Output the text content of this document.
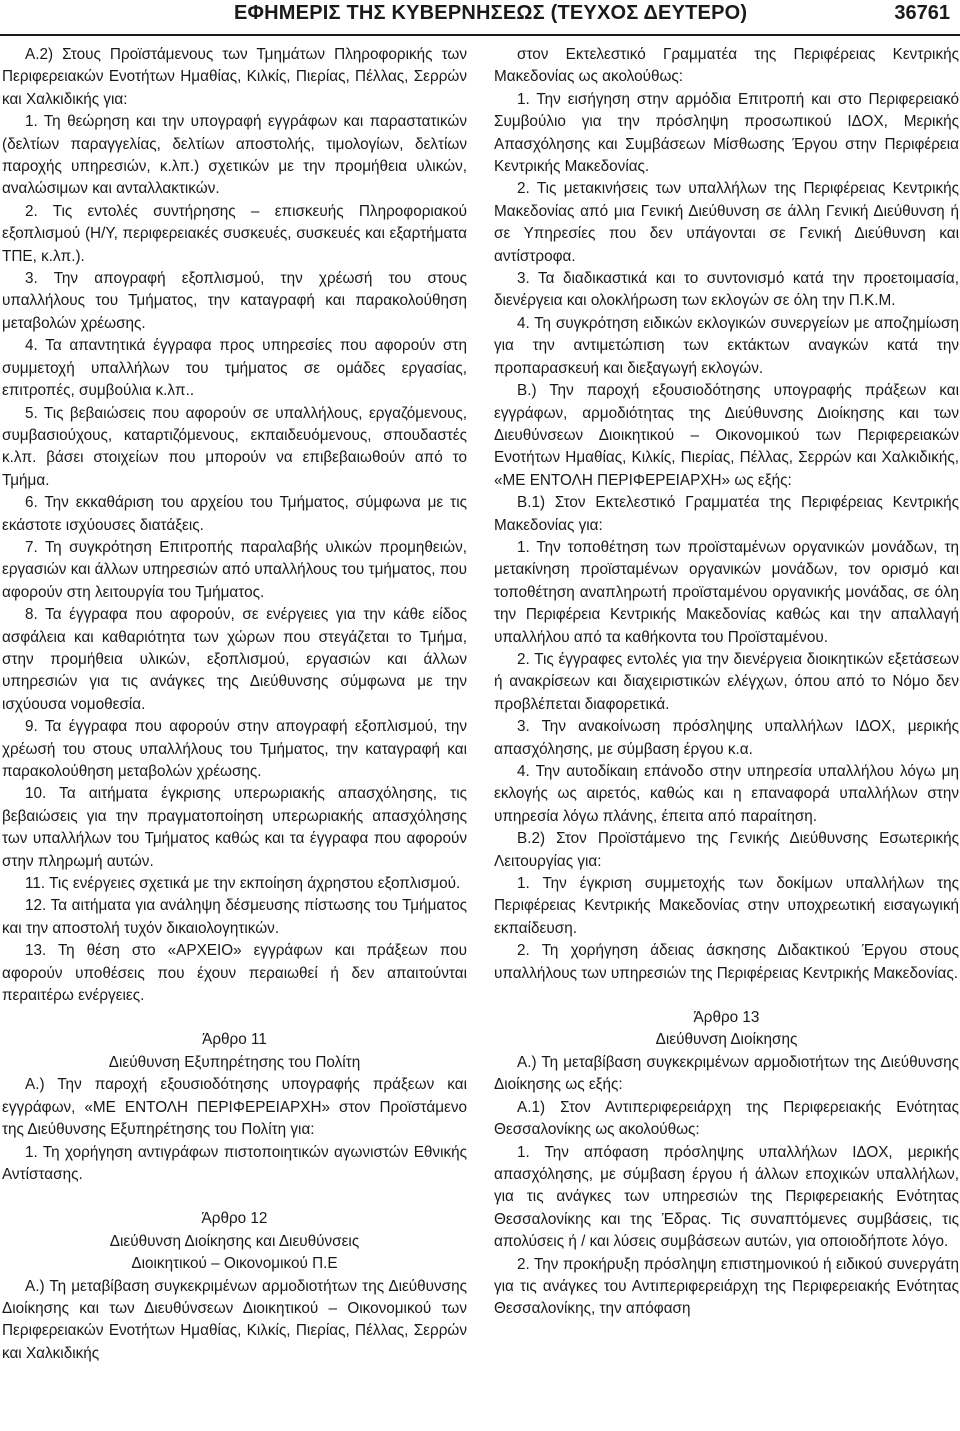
ΕΦΗΜΕΡΙΣ ΤΗΣ ΚΥΒΕΡΝΗΣΕΩΣ (ΤΕΥΧΟΣ ΔΕΥΤΕΡΟ)	36761

Α.2) Στους Προϊστάμενους των Τμημάτων Πληροφορικής των Περιφερειακών Ενοτήτων Ημαθίας, Κιλκίς, Πιερίας, Πέλλας, Σερρών και Χαλκιδικής για:

1. Τη θεώρηση και την υπογραφή εγγράφων και παραστατικών (δελτίων παραγγελίας, δελτίων αποστολής, τιμολογίων, δελτίων παροχής υπηρεσιών, κ.λπ.) σχετικών με την προμήθεια υλικών, αναλώσιμων και ανταλλακτικών.

2. Τις εντολές συντήρησης – επισκευής Πληροφοριακού εξοπλισμού (Η/Υ, περιφερειακές συσκευές, συσκευές και εξαρτήματα ΤΠΕ, κ.λπ.).

3. Την απογραφή εξοπλισμού, την χρέωσή του στους υπαλλήλους του Τμήματος, την καταγραφή και παρακολούθηση μεταβολών χρέωσης.

4. Τα απαντητικά έγγραφα προς υπηρεσίες που αφορούν στη συμμετοχή υπαλλήλων του τμήματος σε ομάδες εργασίας, επιτροπές, συμβούλια κ.λπ..

5. Τις βεβαιώσεις που αφορούν σε υπαλλήλους, εργαζόμενους, συμβασιούχους, καταρτιζόμενους, εκπαιδευόμενους, σπουδαστές κ.λπ. βάσει στοιχείων που μπορούν να επιβεβαιωθούν από το Τμήμα.

6. Την εκκαθάριση του αρχείου του Τμήματος, σύμφωνα με τις εκάστοτε ισχύουσες διατάξεις.

7. Τη συγκρότηση Επιτροπής παραλαβής υλικών προμηθειών, εργασιών και άλλων υπηρεσιών από υπαλλήλους του τμήματος, που αφορούν στη λειτουργία του Τμήματος.

8. Τα έγγραφα που αφορούν, σε ενέργειες για την κάθε είδος ασφάλεια και καθαριότητα των χώρων που στεγάζεται το Τμήμα, στην προμήθεια υλικών, εξοπλισμού, εργασιών και άλλων υπηρεσιών για τις ανάγκες της Διεύθυνσης σύμφωνα με την ισχύουσα νομοθεσία.

9. Τα έγγραφα που αφορούν στην απογραφή εξοπλισμού, την χρέωσή του στους υπαλλήλους του Τμήματος, την καταγραφή και παρακολούθηση μεταβολών χρέωσης.

10. Τα αιτήματα έγκρισης υπερωριακής απασχόλησης, τις βεβαιώσεις για την πραγματοποίηση υπερωριακής απασχόλησης των υπαλλήλων του Τμήματος καθώς και τα έγγραφα που αφορούν στην πληρωμή αυτών.

11. Τις ενέργειες σχετικά με την εκποίηση άχρηστου εξοπλισμού.

12. Τα αιτήματα για ανάληψη δέσμευσης πίστωσης του Τμήματος και την αποστολή τυχόν δικαιολογητικών.

13. Τη θέση στο «ΑΡΧΕΙΟ» εγγράφων και πράξεων που αφορούν υποθέσεις που έχουν περαιωθεί ή δεν απαιτούνται περαιτέρω ενέργειες.

Άρθρο 11

Διεύθυνση Εξυπηρέτησης του Πολίτη

Α.) Την παροχή εξουσιοδότησης υπογραφής πράξεων και εγγράφων, «ΜΕ ΕΝΤΟΛΗ ΠΕΡΙΦΕΡΕΙΑΡΧΗ» στον Προϊστάμενο της Διεύθυνσης Εξυπηρέτησης του Πολίτη για:

1. Τη χορήγηση αντιγράφων πιστοποιητικών αγωνιστών Εθνικής Αντίστασης.

Άρθρο 12

Διεύθυνση Διοίκησης και Διευθύνσεις

Διοικητικού – Οικονομικού Π.Ε

Α.) Τη μεταβίβαση συγκεκριμένων αρμοδιοτήτων της Διεύθυνσης Διοίκησης και των Διευθύνσεων Διοικητικού – Οικονομικού των Περιφερειακών Ενοτήτων Ημαθίας, Κιλκίς, Πιερίας, Πέλλας, Σερρών και Χαλκιδικής

στον Εκτελεστικό Γραμματέα της Περιφέρειας Κεντρικής Μακεδονίας ως ακολούθως:

1. Την εισήγηση στην αρμόδια Επιτροπή και στο Περιφερειακό Συμβούλιο για την πρόσληψη προσωπικού ΙΔΟΧ, Μερικής Απασχόλησης και Συμβάσεων Μίσθωσης Έργου στην Περιφέρεια Κεντρικής Μακεδονίας.

2. Τις μετακινήσεις των υπαλλήλων της Περιφέρειας Κεντρικής Μακεδονίας από μια Γενική Διεύθυνση σε άλλη Γενική Διεύθυνση ή σε Υπηρεσίες που δεν υπάγονται σε Γενική Διεύθυνση και αντίστροφα.

3. Τα διαδικαστικά και το συντονισμό κατά την προετοιμασία, διενέργεια και ολοκλήρωση των εκλογών σε όλη την Π.Κ.Μ.

4. Τη συγκρότηση ειδικών εκλογικών συνεργείων με αποζημίωση για την αντιμετώπιση των εκτάκτων αναγκών κατά την προπαρασκευή και διεξαγωγή εκλογών.

Β.) Την παροχή εξουσιοδότησης υπογραφής πράξεων και εγγράφων, αρμοδιότητας της Διεύθυνσης Διοίκησης και των Διευθύνσεων Διοικητικού – Οικονομικού των Περιφερειακών Ενοτήτων Ημαθίας, Κιλκίς, Πιερίας, Πέλλας, Σερρών και Χαλκιδικής, «ΜΕ ΕΝΤΟΛΗ ΠΕΡΙΦΕΡΕΙΑΡΧΗ» ως εξής:

Β.1) Στον Εκτελεστικό Γραμματέα της Περιφέρειας Κεντρικής Μακεδονίας για:

1. Την τοποθέτηση των προϊσταμένων οργανικών μονάδων, τη μετακίνηση προϊσταμένων οργανικών μονάδων, τον ορισμό και τοποθέτηση αναπληρωτή προϊσταμένου οργανικής μονάδας, σε όλη την Περιφέρεια Κεντρικής Μακεδονίας καθώς και την απαλλαγή υπαλλήλου από τα καθήκοντα του Προϊσταμένου.

2. Τις έγγραφες εντολές για την διενέργεια διοικητικών εξετάσεων ή ανακρίσεων και διαχειριστικών ελέγχων, όπου από το Νόμο δεν προβλέπεται διαφορετικά.

3. Την ανακοίνωση πρόσληψης υπαλλήλων ΙΔΟΧ, μερικής απασχόλησης, με σύμβαση έργου κ.α.

4. Την αυτοδίκαιη επάνοδο στην υπηρεσία υπαλλήλου λόγω μη εκλογής ως αιρετός, καθώς και η επαναφορά υπαλλήλων στην υπηρεσία λόγω πλάνης, έπειτα από παραίτηση.

Β.2) Στον Προϊστάμενο της Γενικής Διεύθυνσης Εσωτερικής Λειτουργίας για:

1. Την έγκριση συμμετοχής των δοκίμων υπαλλήλων της Περιφέρειας Κεντρικής Μακεδονίας στην υποχρεωτική εισαγωγική εκπαίδευση.

2. Τη χορήγηση άδειας άσκησης Διδακτικού Έργου στους υπαλλήλους των υπηρεσιών της Περιφέρειας Κεντρικής Μακεδονίας.

Άρθρο 13

Διεύθυνση Διοίκησης

Α.) Τη μεταβίβαση συγκεκριμένων αρμοδιοτήτων της Διεύθυνσης Διοίκησης ως εξής:

Α.1) Στον Αντιπεριφερειάρχη της Περιφερειακής Ενότητας Θεσσαλονίκης ως ακολούθως:

1. Την απόφαση πρόσληψης υπαλλήλων ΙΔΟΧ, μερικής απασχόλησης, με σύμβαση έργου ή άλλων εποχικών υπαλλήλων, για τις ανάγκες των υπηρεσιών της Περιφερειακής Ενότητας Θεσσαλονίκης και της Έδρας. Τις συναπτόμενες συμβάσεις, τις απολύσεις ή / και λύσεις συμβάσεων αυτών, για οποιοδήποτε λόγο.

2. Την προκήρυξη πρόσληψη επιστημονικού ή ειδικού συνεργάτη για τις ανάγκες του Αντιπεριφερειάρχη της Περιφερειακής Ενότητας Θεσσαλονίκης, την απόφαση
